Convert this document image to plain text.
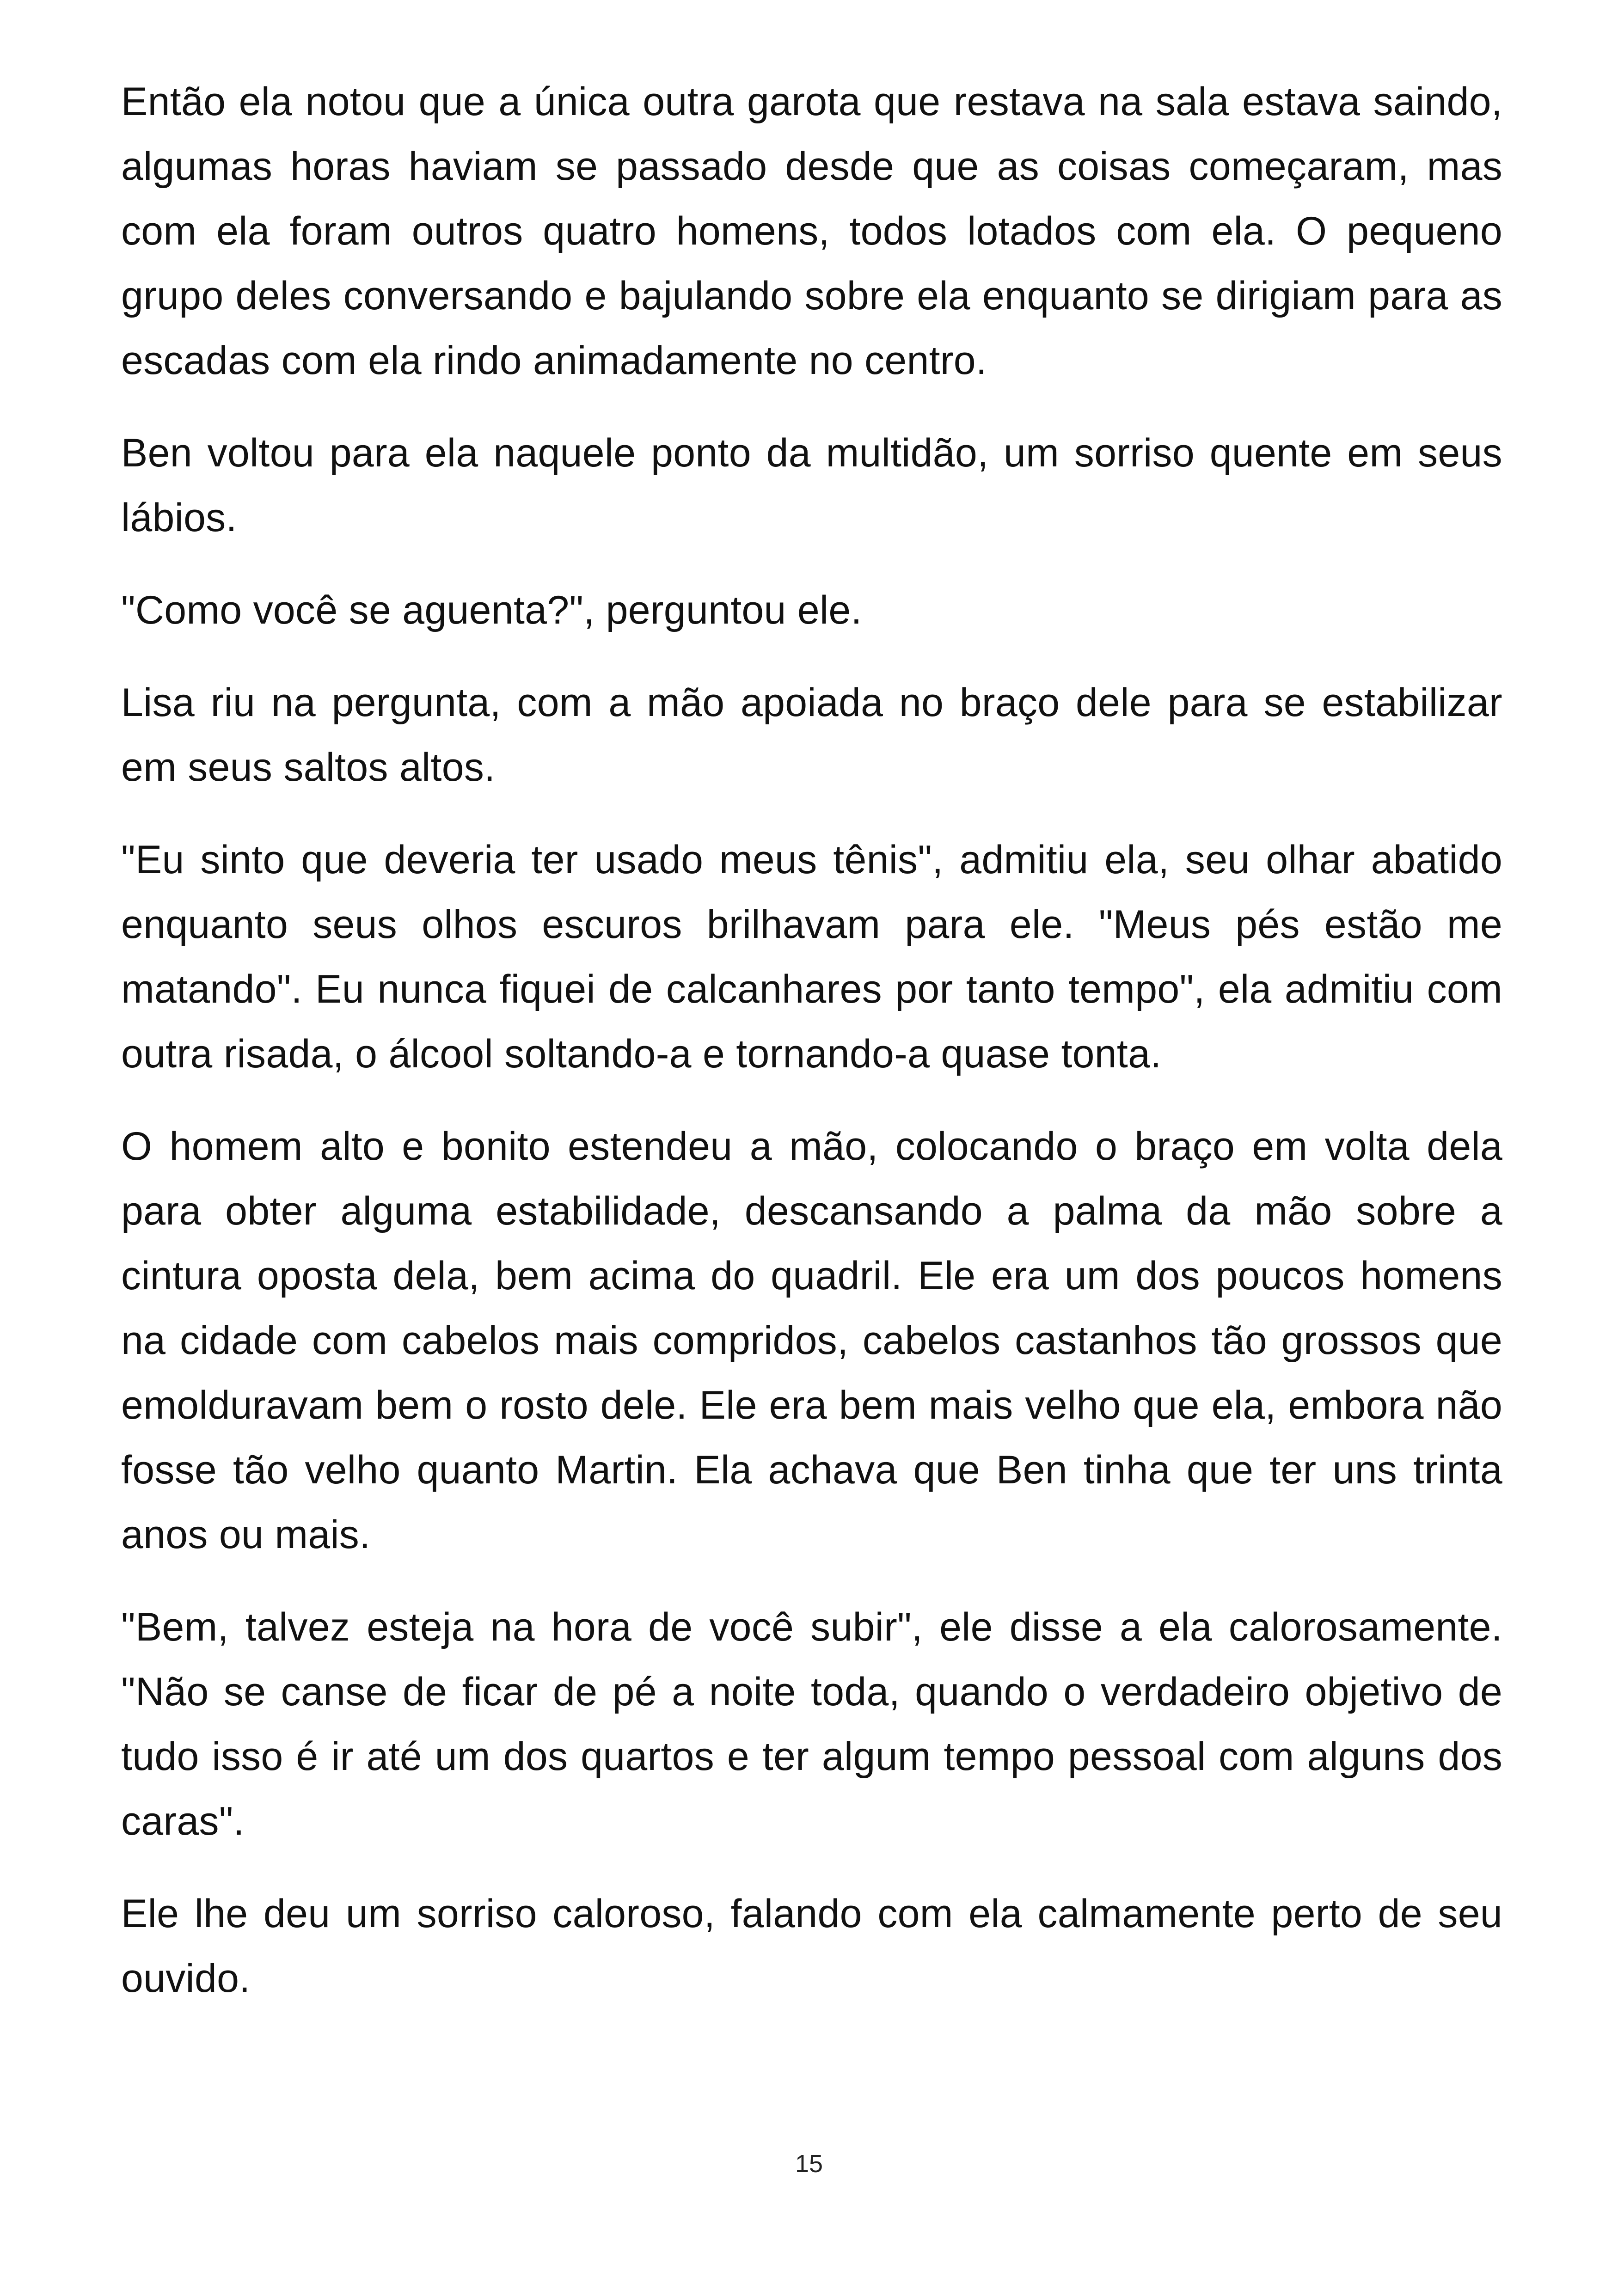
Então ela notou que a única outra garota que restava na sala estava saindo, algumas horas haviam se passado desde que as coisas começaram, mas com ela foram outros quatro homens, todos lotados com ela. O pequeno grupo deles conversando e bajulando sobre ela enquanto se dirigiam para as escadas com ela rindo animadamente no centro.

Ben voltou para ela naquele ponto da multidão, um sorriso quente em seus lábios.

"Como você se aguenta?", perguntou ele.

Lisa riu na pergunta, com a mão apoiada no braço dele para se estabilizar em seus saltos altos.

"Eu sinto que deveria ter usado meus tênis", admitiu ela, seu olhar abatido enquanto seus olhos escuros brilhavam para ele. "Meus pés estão me matando". Eu nunca fiquei de calcanhares por tanto tempo", ela admitiu com outra risada, o álcool soltando-a e tornando-a quase tonta.

O homem alto e bonito estendeu a mão, colocando o braço em volta dela para obter alguma estabilidade, descansando a palma da mão sobre a cintura oposta dela, bem acima do quadril. Ele era um dos poucos homens na cidade com cabelos mais compridos, cabelos castanhos tão grossos que emolduravam bem o rosto dele. Ele era bem mais velho que ela, embora não fosse tão velho quanto Martin. Ela achava que Ben tinha que ter uns trinta anos ou mais.

"Bem, talvez esteja na hora de você subir", ele disse a ela calorosamente. "Não se canse de ficar de pé a noite toda, quando o verdadeiro objetivo de tudo isso é ir até um dos quartos e ter algum tempo pessoal com alguns dos caras".

Ele lhe deu um sorriso caloroso, falando com ela calmamente perto de seu ouvido.

15
